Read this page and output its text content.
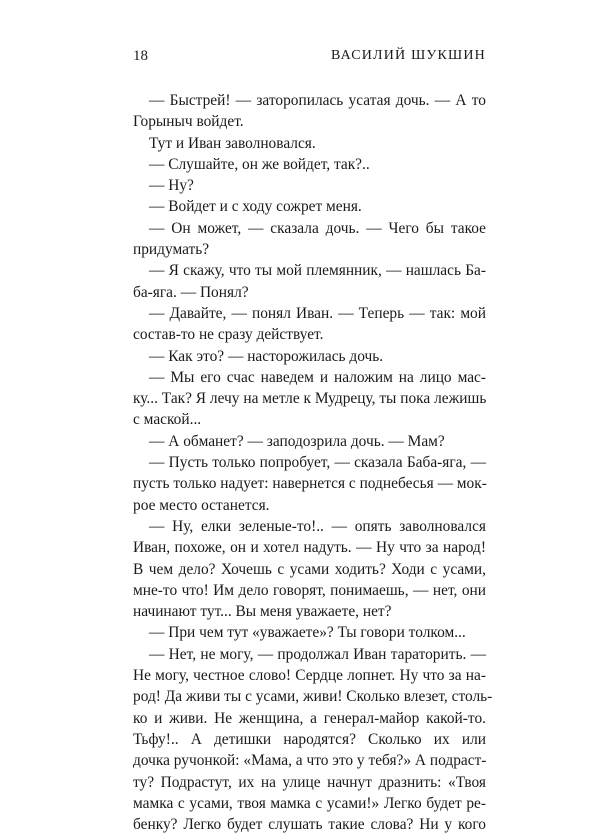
18	ВАСИЛИЙ ШУКШИН
— Быстрей! — заторопилась усатая дочь. — А то
Горыныч войдет.
Тут и Иван заволновался.
— Слушайте, он же войдет, так?..
— Ну?
— Войдет и с ходу сожрет меня.
— Он может, — сказала дочь. — Чего бы такое
придумать?
— Я скажу, что ты мой племянник, — нашлась Ба-
ба-яга. — Понял?
— Давайте, — понял Иван. — Теперь — так: мой
состав-то не сразу действует.
— Как это? — насторожилась дочь.
— Мы его счас наведем и наложим на лицо мас-
ку... Так? Я лечу на метле к Мудрецу, ты пока лежишь
с маской...
— А обманет? — заподозрила дочь. — Мам?
— Пусть только попробует, — сказала Баба-яга, —
пусть только надует: навернется с поднебесья — мок-
рое место останется.
— Ну, елки зеленые-то!.. — опять заволновался
Иван, похоже, он и хотел надуть. — Ну что за народ!
В чем дело? Хочешь с усами ходить? Ходи с усами,
мне-то что! Им дело говорят, понимаешь, — нет, они
начинают тут... Вы меня уважаете, нет?
— При чем тут «уважаете»? Ты говори толком...
— Нет, не могу, — продолжал Иван тараторить. —
Не могу, честное слово! Сердце лопнет. Ну что за на-
род! Да живи ты с усами, живи! Сколько влезет, столь-
ко и живи. Не женщина, а генерал-майор какой-то.
Тьфу!.. А детишки народятся? Сколько их или
дочка ручонкой: «Мама, а что это у тебя?» А подраст-
ту? Подрастут, их на улице начнут дразнить: «Твоя
мамка с усами, твоя мамка с усами!» Легко будет ре-
бенку? Легко будет слушать такие слова? Ни у кого
